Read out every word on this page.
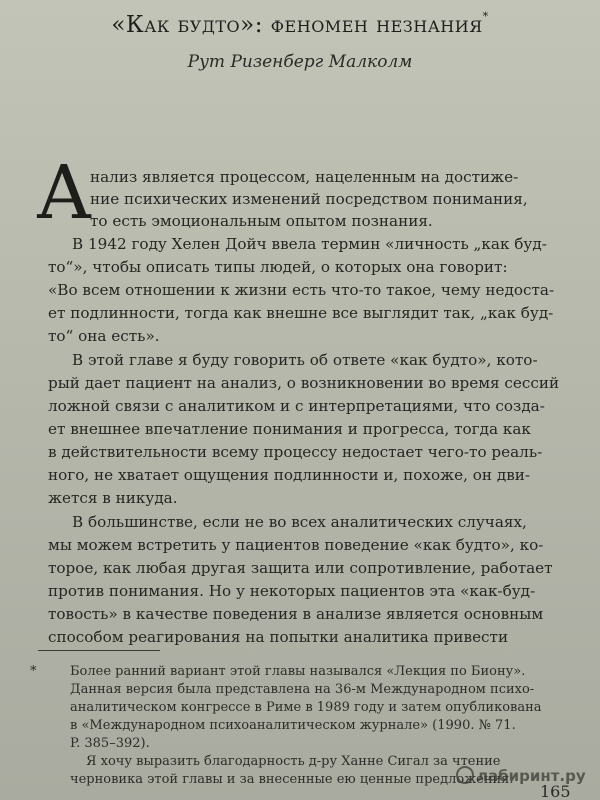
«Как будто»: феномен незнания*
Рут Ризенберг Малколм
А
нализ является процессом, нацеленным на достиже-
ние психических изменений посредством понимания,
то есть эмоциональным опытом познания.
В 1942 году Хелен Дойч ввела термин «личность „как буд-
то“», чтобы описать типы людей, о которых она говорит:
«Во всем отношении к жизни есть что-то такое, чему недоста-
ет подлинности, тогда как внешне все выглядит так, „как буд-
то“ она есть».
В этой главе я буду говорить об ответе «как будто», кото-
рый дает пациент на анализ, о возникновении во время сессий
ложной связи с аналитиком и с интерпретациями, что созда-
ет внешнее впечатление понимания и прогресса, тогда как
в действительности всему процессу недостает чего-то реаль-
ного, не хватает ощущения подлинности и, похоже, он дви-
жется в никуда.
В большинстве, если не во всех аналитических случаях,
мы можем встретить у пациентов поведение «как будто», ко-
торое, как любая другая защита или сопротивление, работает
против понимания. Но у некоторых пациентов эта «как-буд-
товость» в качестве поведения в анализе является основным
способом реагирования на попытки аналитика привести
*	Более ранний вариант этой главы назывался «Лекция по Биону».
Данная версия была представлена на 36-м Международном психо-
аналитическом конгрессе в Риме в 1989 году и затем опубликована
в «Международном психоаналитическом журнале» (1990. № 71.
P. 385–392).
Я хочу выразить благодарность д-ру Ханне Сигал за чтение
черновика этой главы и за внесенные ею ценные предложения.
лабиринт.ру
165
